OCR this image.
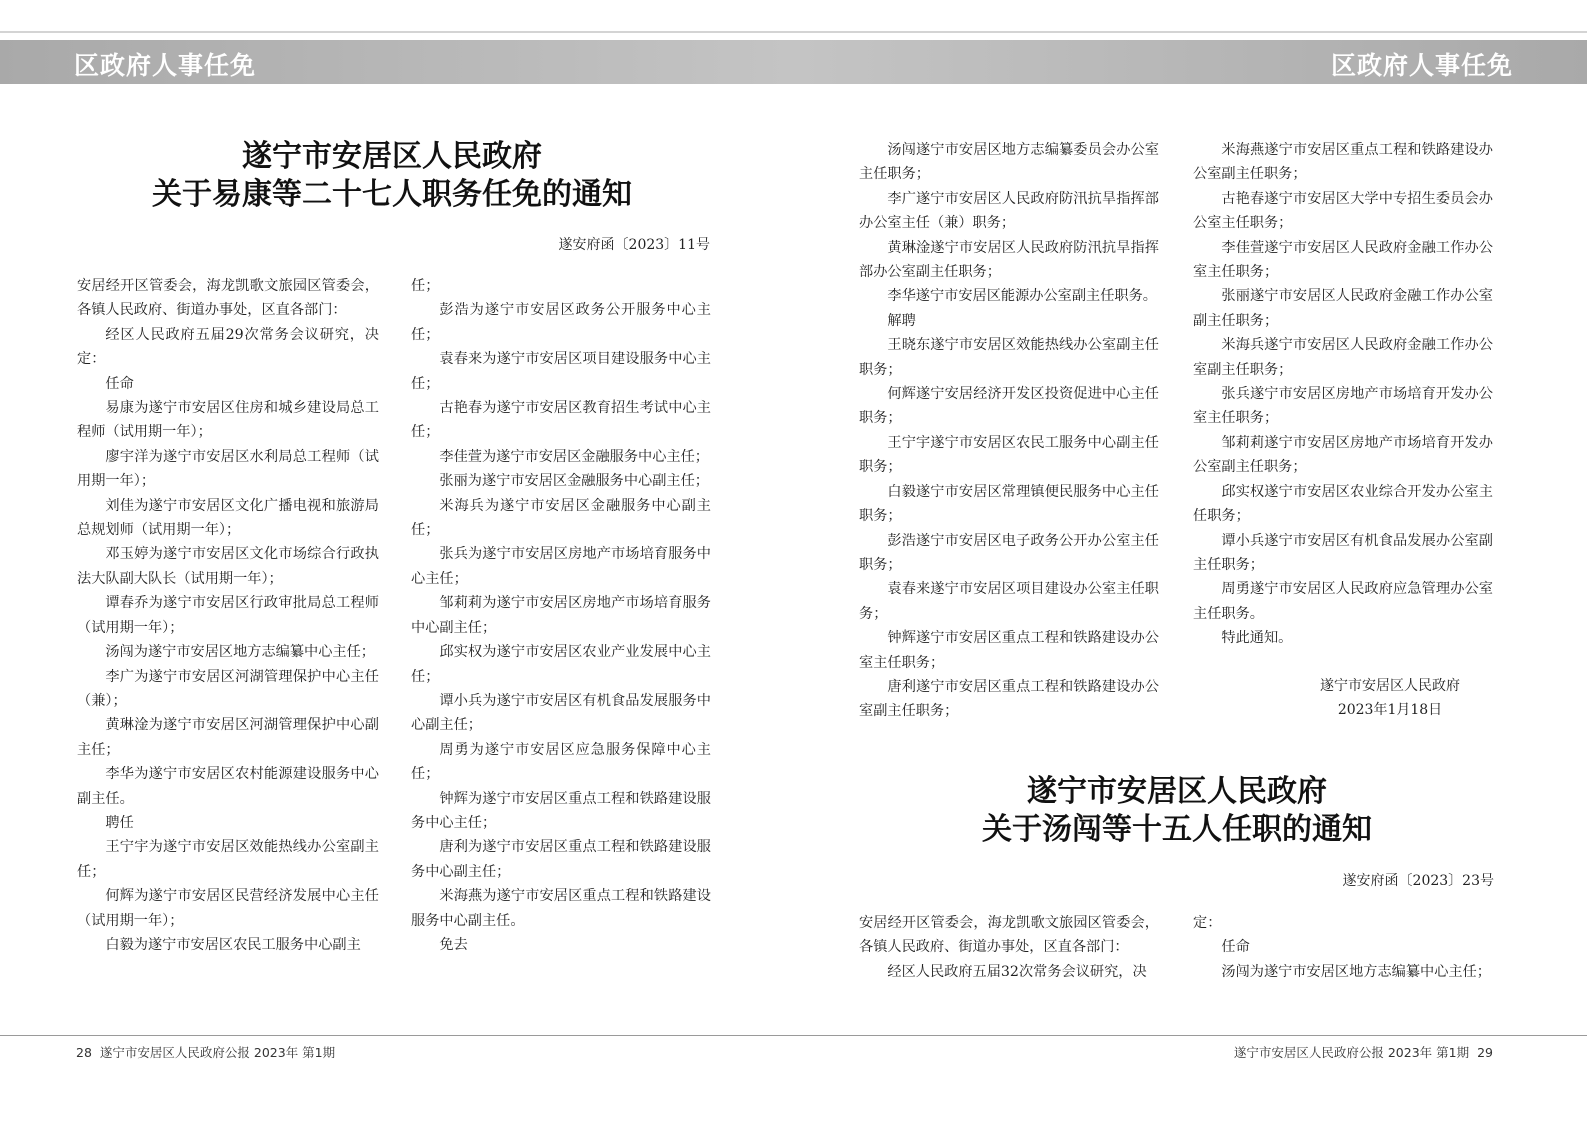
区政府人事任免	区政府人事任免
遂宁市安居区人民政府
关于易康等二十七人职务任免的通知
遂安府函〔2023〕11号

安居经开区管委会，海龙凯歌文旅园区管委会，各镇人民政府、街道办事处，区直各部门：

经区人民政府五届29次常务会议研究，决定：

任命

易康为遂宁市安居区住房和城乡建设局总工程师（试用期一年）；

廖宇洋为遂宁市安居区水利局总工程师（试用期一年）；

刘佳为遂宁市安居区文化广播电视和旅游局总规划师（试用期一年）；

邓玉婷为遂宁市安居区文化市场综合行政执法大队副大队长（试用期一年）；

谭春乔为遂宁市安居区行政审批局总工程师（试用期一年）；

汤闯为遂宁市安居区地方志编纂中心主任；

李广为遂宁市安居区河湖管理保护中心主任（兼）；

黄琳淦为遂宁市安居区河湖管理保护中心副主任；

李华为遂宁市安居区农村能源建设服务中心副主任。

聘任

王宁宇为遂宁市安居区效能热线办公室副主任；

何辉为遂宁市安居区民营经济发展中心主任（试用期一年）；

白毅为遂宁市安居区农民工服务中心副主

任；

彭浩为遂宁市安居区政务公开服务中心主任；

袁春来为遂宁市安居区项目建设服务中心主任；

古艳春为遂宁市安居区教育招生考试中心主任；

李佳萱为遂宁市安居区金融服务中心主任；

张丽为遂宁市安居区金融服务中心副主任；

米海兵为遂宁市安居区金融服务中心副主任；

张兵为遂宁市安居区房地产市场培育服务中心主任；

邹莉莉为遂宁市安居区房地产市场培育服务中心副主任；

邱实权为遂宁市安居区农业产业发展中心主任；

谭小兵为遂宁市安居区有机食品发展服务中心副主任；

周勇为遂宁市安居区应急服务保障中心主任；

钟辉为遂宁市安居区重点工程和铁路建设服务中心主任；

唐利为遂宁市安居区重点工程和铁路建设服务中心副主任；

米海燕为遂宁市安居区重点工程和铁路建设服务中心副主任。

免去

汤闯遂宁市安居区地方志编纂委员会办公室主任职务；

李广遂宁市安居区人民政府防汛抗旱指挥部办公室主任（兼）职务；

黄琳淦遂宁市安居区人民政府防汛抗旱指挥部办公室副主任职务；

李华遂宁市安居区能源办公室副主任职务。

解聘

王晓东遂宁市安居区效能热线办公室副主任职务；

何辉遂宁安居经济开发区投资促进中心主任职务；

王宁宇遂宁市安居区农民工服务中心副主任职务；

白毅遂宁市安居区常理镇便民服务中心主任职务；

彭浩遂宁市安居区电子政务公开办公室主任职务；

袁春来遂宁市安居区项目建设办公室主任职务；

钟辉遂宁市安居区重点工程和铁路建设办公室主任职务；

唐利遂宁市安居区重点工程和铁路建设办公室副主任职务；

米海燕遂宁市安居区重点工程和铁路建设办公室副主任职务；

古艳春遂宁市安居区大学中专招生委员会办公室主任职务；

李佳萱遂宁市安居区人民政府金融工作办公室主任职务；

张丽遂宁市安居区人民政府金融工作办公室副主任职务；

米海兵遂宁市安居区人民政府金融工作办公室副主任职务；

张兵遂宁市安居区房地产市场培育开发办公室主任职务；

邹莉莉遂宁市安居区房地产市场培育开发办公室副主任职务；

邱实权遂宁市安居区农业综合开发办公室主任职务；

谭小兵遂宁市安居区有机食品发展办公室副主任职务；

周勇遂宁市安居区人民政府应急管理办公室主任职务。

特此通知。

遂宁市安居区人民政府
2023年1月18日
遂宁市安居区人民政府
关于汤闯等十五人任职的通知
遂安府函〔2023〕23号

安居经开区管委会，海龙凯歌文旅园区管委会，各镇人民政府、街道办事处，区直各部门：

经区人民政府五届32次常务会议研究，决

定：

任命

汤闯为遂宁市安居区地方志编纂中心主任；

28 遂宁市安居区人民政府公报 2023年 第1期	遂宁市安居区人民政府公报 2023年 第1期 29
